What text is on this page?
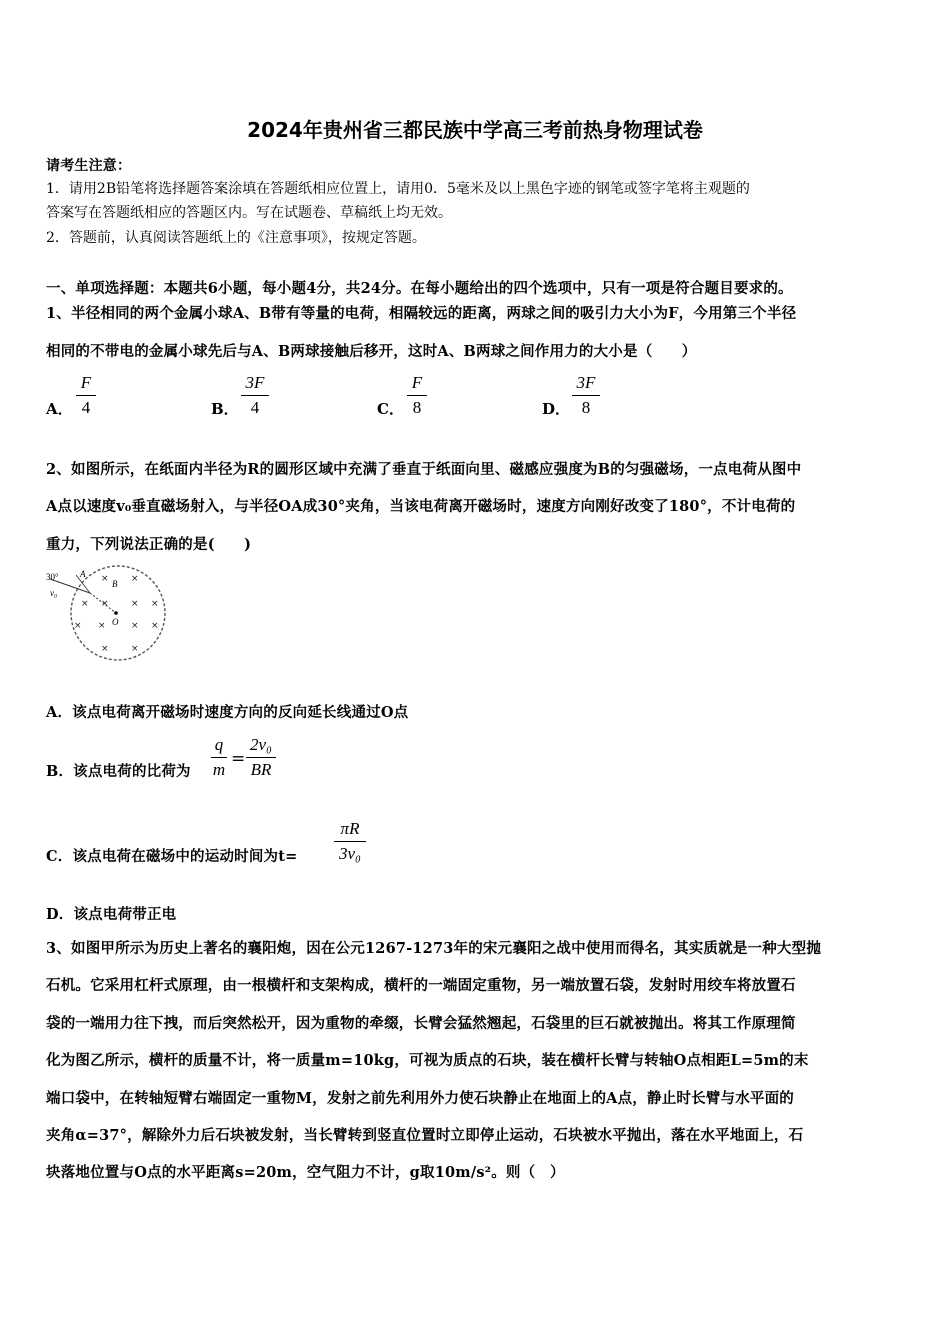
2024年贵州省三都民族中学高三考前热身物理试卷
请考生注意：
1．请用2B铅笔将选择题答案涂填在答题纸相应位置上，请用0．5毫米及以上黑色字迹的钢笔或签字笔将主观题的
答案写在答题纸相应的答题区内。写在试题卷、草稿纸上均无效。
2．答题前，认真阅读答题纸上的《注意事项》，按规定答题。
一、单项选择题：本题共6小题，每小题4分，共24分。在每小题给出的四个选项中，只有一项是符合题目要求的。
1、半径相同的两个金属小球A、B带有等量的电荷，相隔较远的距离，两球之间的吸引力大小为F，今用第三个半径
相同的不带电的金属小球先后与A、B两球接触后移开，这时A、B两球之间作用力的大小是（　　）
A．
F
4	B．
3F
4	C．
F
8	D．
3F
8
2、如图所示，在纸面内半径为R的圆形区域中充满了垂直于纸面向里、磁感应强度为B的匀强磁场，一点电荷从图中
A点以速度v₀垂直磁场射入，与半径OA成30°夹角，当该电荷离开磁场时，速度方向刚好改变了180°，不计电荷的
重力，下列说法正确的是(　　)
30° A
B
O
v₀
× ×
× × × ×
× ×	× ×
× ×
A．该点电荷离开磁场时速度方向的反向延长线通过O点
B．该点电荷的比荷为
q
m
=
2v₀
BR
C．该点电荷在磁场中的运动时间为t=
πR
3v₀
D．该点电荷带正电
3、如图甲所示为历史上著名的襄阳炮，因在公元1267-1273年的宋元襄阳之战中使用而得名，其实质就是一种大型抛
石机。它采用杠杆式原理，由一根横杆和支架构成，横杆的一端固定重物，另一端放置石袋，发射时用绞车将放置石
袋的一端用力往下拽，而后突然松开，因为重物的牵缀，长臂会猛然翘起，石袋里的巨石就被抛出。将其工作原理简
化为图乙所示，横杆的质量不计，将一质量m=10kg，可视为质点的石块，装在横杆长臂与转轴O点相距L=5m的末
端口袋中，在转轴短臂右端固定一重物M，发射之前先利用外力使石块静止在地面上的A点，静止时长臂与水平面的
夹角α=37°，解除外力后石块被发射，当长臂转到竖直位置时立即停止运动，石块被水平抛出，落在水平地面上，石
块落地位置与O点的水平距离s=20m，空气阻力不计，g取10m/s²。则（　）
